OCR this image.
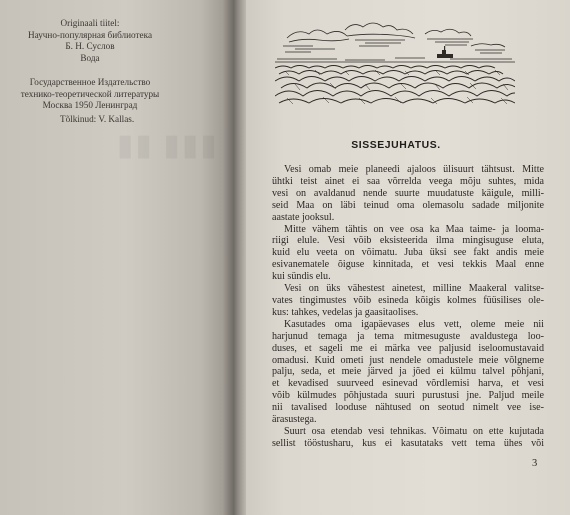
Originaali tiitel:
Научно-популярная библиотека
Б. Н. Суслов
Вода
Государственное Издательство
технико-теоретической литературы
Москва 1950 Ленинград
Tõlkinud: V. Kallas.
▮▮▮ ▮▮	SISSEJUHATUS.
Vesi omab meie planeedi ajaloos ülisuurt tähtsust. Mitte
ühtki teist ainet ei saa võrrelda veega mõju suhtes, mida
vesi on avaldanud nende suurte muudatuste käigule, milli-
seid Maa on läbi teinud oma olemasolu sadade miljonite
aastate jooksul.
Mitte vähem tähtis on vee osa ka Maa taime- ja looma-
riigi elule. Vesi võib eksisteerida ilma mingisuguse eluta,
kuid elu veeta on võimatu. Juba üksi see fakt andis meie
esivanematele õiguse kinnitada, et vesi tekkis Maal enne
kui sündis elu.
Vesi on üks vähestest ainetest, milline Maakeral valitse-
vates tingimustes võib esineda kõigis kolmes füüsilises ole-
kus: tahkes, vedelas ja gaasitaolises.
Kasutades oma igapäevases elus vett, oleme meie nii
harjunud temaga ja tema mitmesuguste avaldustega loo-
duses, et sageli me ei märka vee paljusid iseloomustavaid
omadusi. Kuid ometi just nendele omadustele meie võlgneme
palju, seda, et meie järved ja jõed ei külmu talvel põhjani,
et kevadised suurveed esinevad võrdlemisi harva, et vesi
võib külmudes põhjustada suuri purustusi jne. Paljud meile
nii tavalised looduse nähtused on seotud nimelt vee ise-
ärasustega.
Suurt osa etendab vesi tehnikas. Võimatu on ette kujutada
sellist tööstusharu, kus ei kasutataks vett tema ühes või
3
